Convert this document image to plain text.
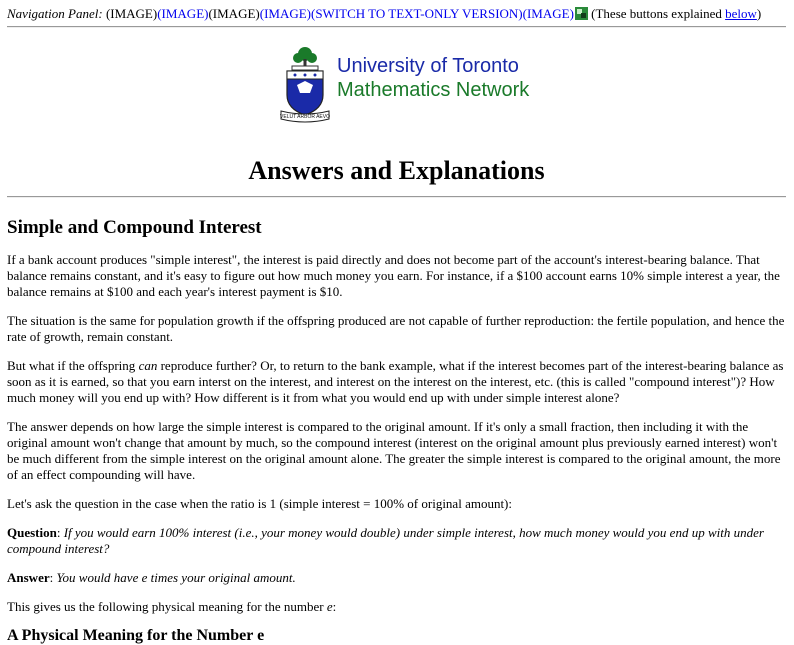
Navigation Panel: (IMAGE)(IMAGE)(IMAGE)(IMAGE)(SWITCH TO TEXT-ONLY VERSION)(IMAGE) (These buttons explained below)
VELUT ARBOR AEVO
University of Toronto
Mathematics Network
Answers and Explanations
Simple and Compound Interest

If a bank account produces "simple interest", the interest is paid directly and does not become part of the account's interest-bearing balance. That balance remains constant, and it's easy to figure out how much money you earn. For instance, if a $100 account earns 10% simple interest a year, the balance remains at $100 and each year's interest payment is $10.

The situation is the same for population growth if the offspring produced are not capable of further reproduction: the fertile population, and hence the rate of growth, remain constant.

But what if the offspring can reproduce further? Or, to return to the bank example, what if the interest becomes part of the interest-bearing balance as soon as it is earned, so that you earn interst on the interest, and interest on the interest on the interest, etc. (this is called "compound interest")? How much money will you end up with? How different is it from what you would end up with under simple interest alone?

The answer depends on how large the simple interest is compared to the original amount. If it's only a small fraction, then including it with the original amount won't change that amount by much, so the compound interest (interest on the original amount plus previously earned interest) won't be much different from the simple interest on the original amount alone. The greater the simple interest is compared to the original amount, the more of an effect compounding will have.

Let's ask the question in the case when the ratio is 1 (simple interest = 100% of original amount):

Question: If you would earn 100% interest (i.e., your money would double) under simple interest, how much money would you end up with under compound interest?

Answer: You would have e times your original amount.

This gives us the following physical meaning for the number e:

A Physical Meaning for the Number e
